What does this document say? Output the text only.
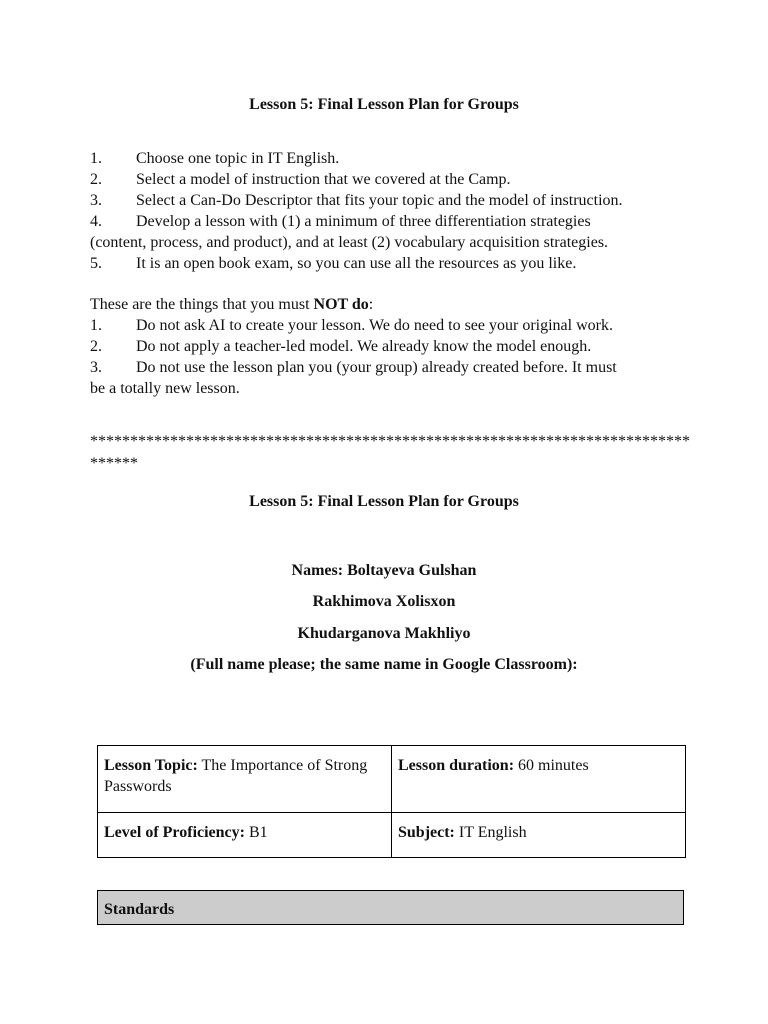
Lesson 5: Final Lesson Plan for Groups
1. Choose one topic in IT English.
2. Select a model of instruction that we covered at the Camp.
3. Select a Can-Do Descriptor that fits your topic and the model of instruction.
4. Develop a lesson with (1) a minimum of three differentiation strategies
(content, process, and product), and at least (2) vocabulary acquisition strategies.
5. It is an open book exam, so you can use all the resources as you like.
These are the things that you must NOT do:
1. Do not ask AI to create your lesson. We do need to see your original work.
2. Do not apply a teacher-led model. We already know the model enough.
3. Do not use the lesson plan you (your group) already created before. It must
be a totally new lesson.
*********************************************************************************
Lesson 5: Final Lesson Plan for Groups
Names: Boltayeva Gulshan
Rakhimova Xolisxon
Khudarganova Makhliyo
(Full name please; the same name in Google Classroom):
Lesson Topic: The Importance of Strong Passwords	Lesson duration: 60 minutes
Level of Proficiency: B1	Subject: IT English
Standards
